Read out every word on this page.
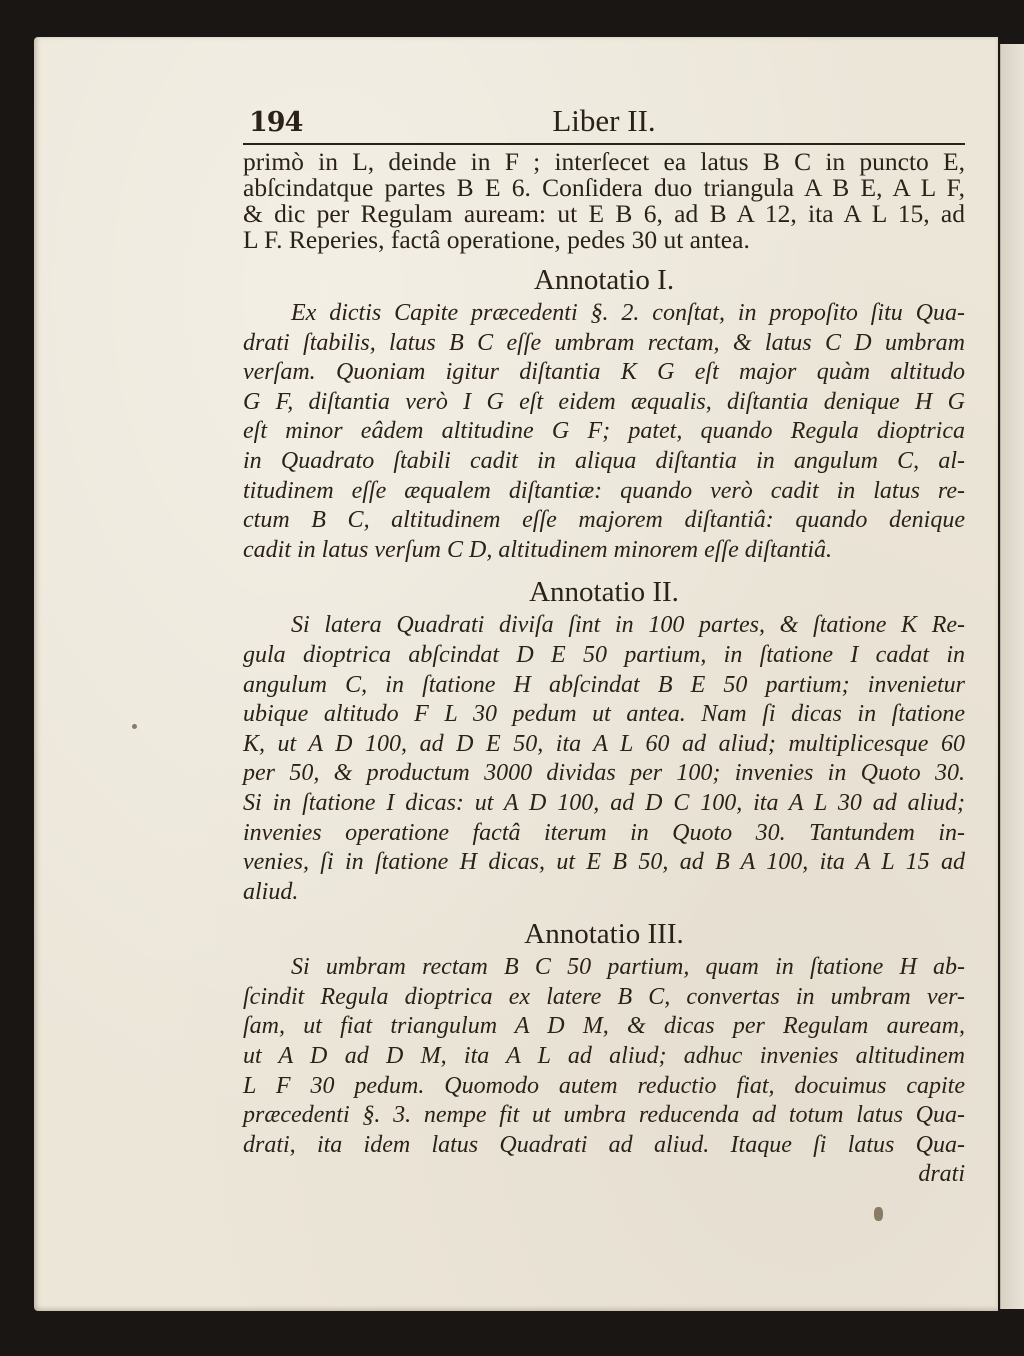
194	Liber II.

primò in L, deinde in F ; interſecet ea latus B C in puncto E,
abſcindatque partes B E 6. Conſidera duo triangula A B E, A L F,
& dic per Regulam auream: ut E B 6, ad B A 12, ita A L 15, ad
L F. Reperies, factâ operatione, pedes 30 ut antea.

Annotatio I.

Ex dictis Capite præcedenti §. 2. conſtat, in propoſito ſitu Qua-
drati ſtabilis, latus B C eſſe umbram rectam, & latus C D umbram
verſam. Quoniam igitur diſtantia K G eſt major quàm altitudo
G F, diſtantia verò I G eſt eidem æqualis, diſtantia denique H G
eſt minor eâdem altitudine G F; patet, quando Regula dioptrica
in Quadrato ſtabili cadit in aliqua diſtantia in angulum C, al-
titudinem eſſe æqualem diſtantiæ: quando verò cadit in latus re-
ctum B C, altitudinem eſſe majorem diſtantiâ: quando denique
cadit in latus verſum C D, altitudinem minorem eſſe diſtantiâ.

Annotatio II.

Si latera Quadrati diviſa ſint in 100 partes, & ſtatione K Re-
gula dioptrica abſcindat D E 50 partium, in ſtatione I cadat in
angulum C, in ſtatione H abſcindat B E 50 partium; invenietur
ubique altitudo F L 30 pedum ut antea. Nam ſi dicas in ſtatione
K, ut A D 100, ad D E 50, ita A L 60 ad aliud; multiplicesque 60
per 50, & productum 3000 dividas per 100; invenies in Quoto 30.
Si in ſtatione I dicas: ut A D 100, ad D C 100, ita A L 30 ad aliud;
invenies operatione factâ iterum in Quoto 30. Tantundem in-
venies, ſi in ſtatione H dicas, ut E B 50, ad B A 100, ita A L 15 ad
aliud.

Annotatio III.

Si umbram rectam B C 50 partium, quam in ſtatione H ab-
ſcindit Regula dioptrica ex latere B C, convertas in umbram ver-
ſam, ut fiat triangulum A D M, & dicas per Regulam auream,
ut A D ad D M, ita A L ad aliud; adhuc invenies altitudinem
L F 30 pedum. Quomodo autem reductio fiat, docuimus capite
præcedenti §. 3. nempe fit ut umbra reducenda ad totum latus Qua-
drati, ita idem latus Quadrati ad aliud. Itaque ſi latus Qua-
drati
